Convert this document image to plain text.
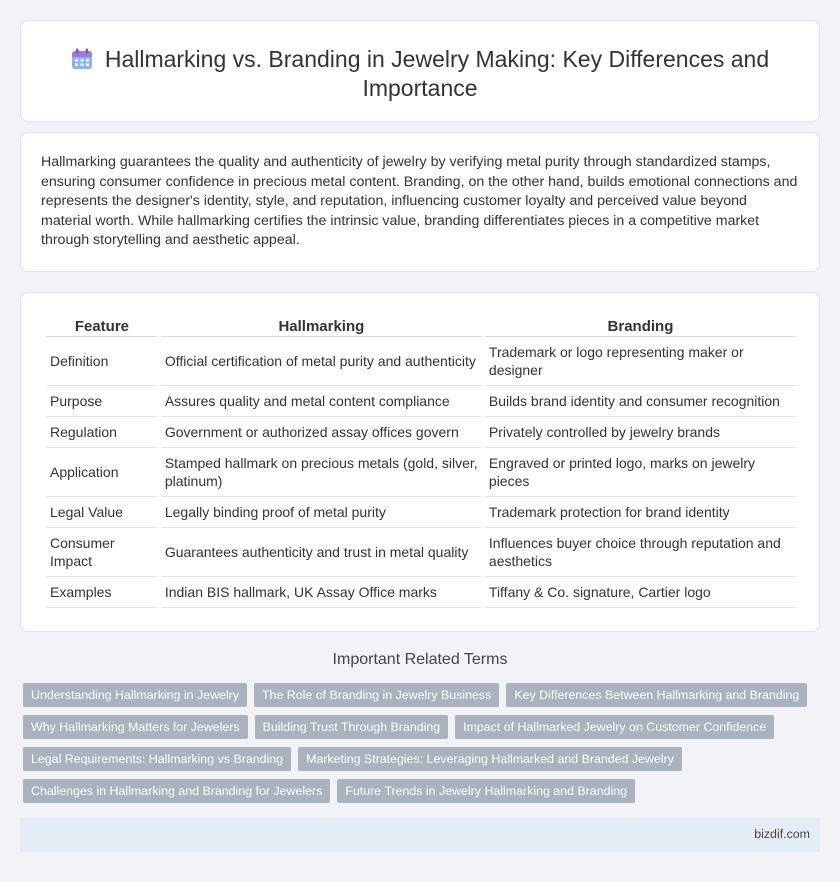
Hallmarking vs. Branding in Jewelry Making: Key Differences and Importance

Hallmarking guarantees the quality and authenticity of jewelry by verifying metal purity through standardized stamps, ensuring consumer confidence in precious metal content. Branding, on the other hand, builds emotional connections and represents the designer's identity, style, and reputation, influencing customer loyalty and perceived value beyond material worth. While hallmarking certifies the intrinsic value, branding differentiates pieces in a competitive market through storytelling and aesthetic appeal.

Feature	Hallmarking	Branding
Definition	Official certification of metal purity and authenticity	Trademark or logo representing maker or designer
Purpose	Assures quality and metal content compliance	Builds brand identity and consumer recognition
Regulation	Government or authorized assay offices govern	Privately controlled by jewelry brands
Application	Stamped hallmark on precious metals (gold, silver, platinum)	Engraved or printed logo, marks on jewelry pieces
Legal Value	Legally binding proof of metal purity	Trademark protection for brand identity
Consumer Impact	Guarantees authenticity and trust in metal quality	Influences buyer choice through reputation and aesthetics
Examples	Indian BIS hallmark, UK Assay Office marks	Tiffany & Co. signature, Cartier logo
Important Related Terms
Understanding Hallmarking in Jewelry	The Role of Branding in Jewelry Business	Key Differences Between Hallmarking and Branding
Why Hallmarking Matters for Jewelers	Building Trust Through Branding	Impact of Hallmarked Jewelry on Customer Confidence
Legal Requirements: Hallmarking vs Branding	Marketing Strategies: Leveraging Hallmarked and Branded Jewelry
Challenges in Hallmarking and Branding for Jewelers	Future Trends in Jewelry Hallmarking and Branding
bizdif.com
